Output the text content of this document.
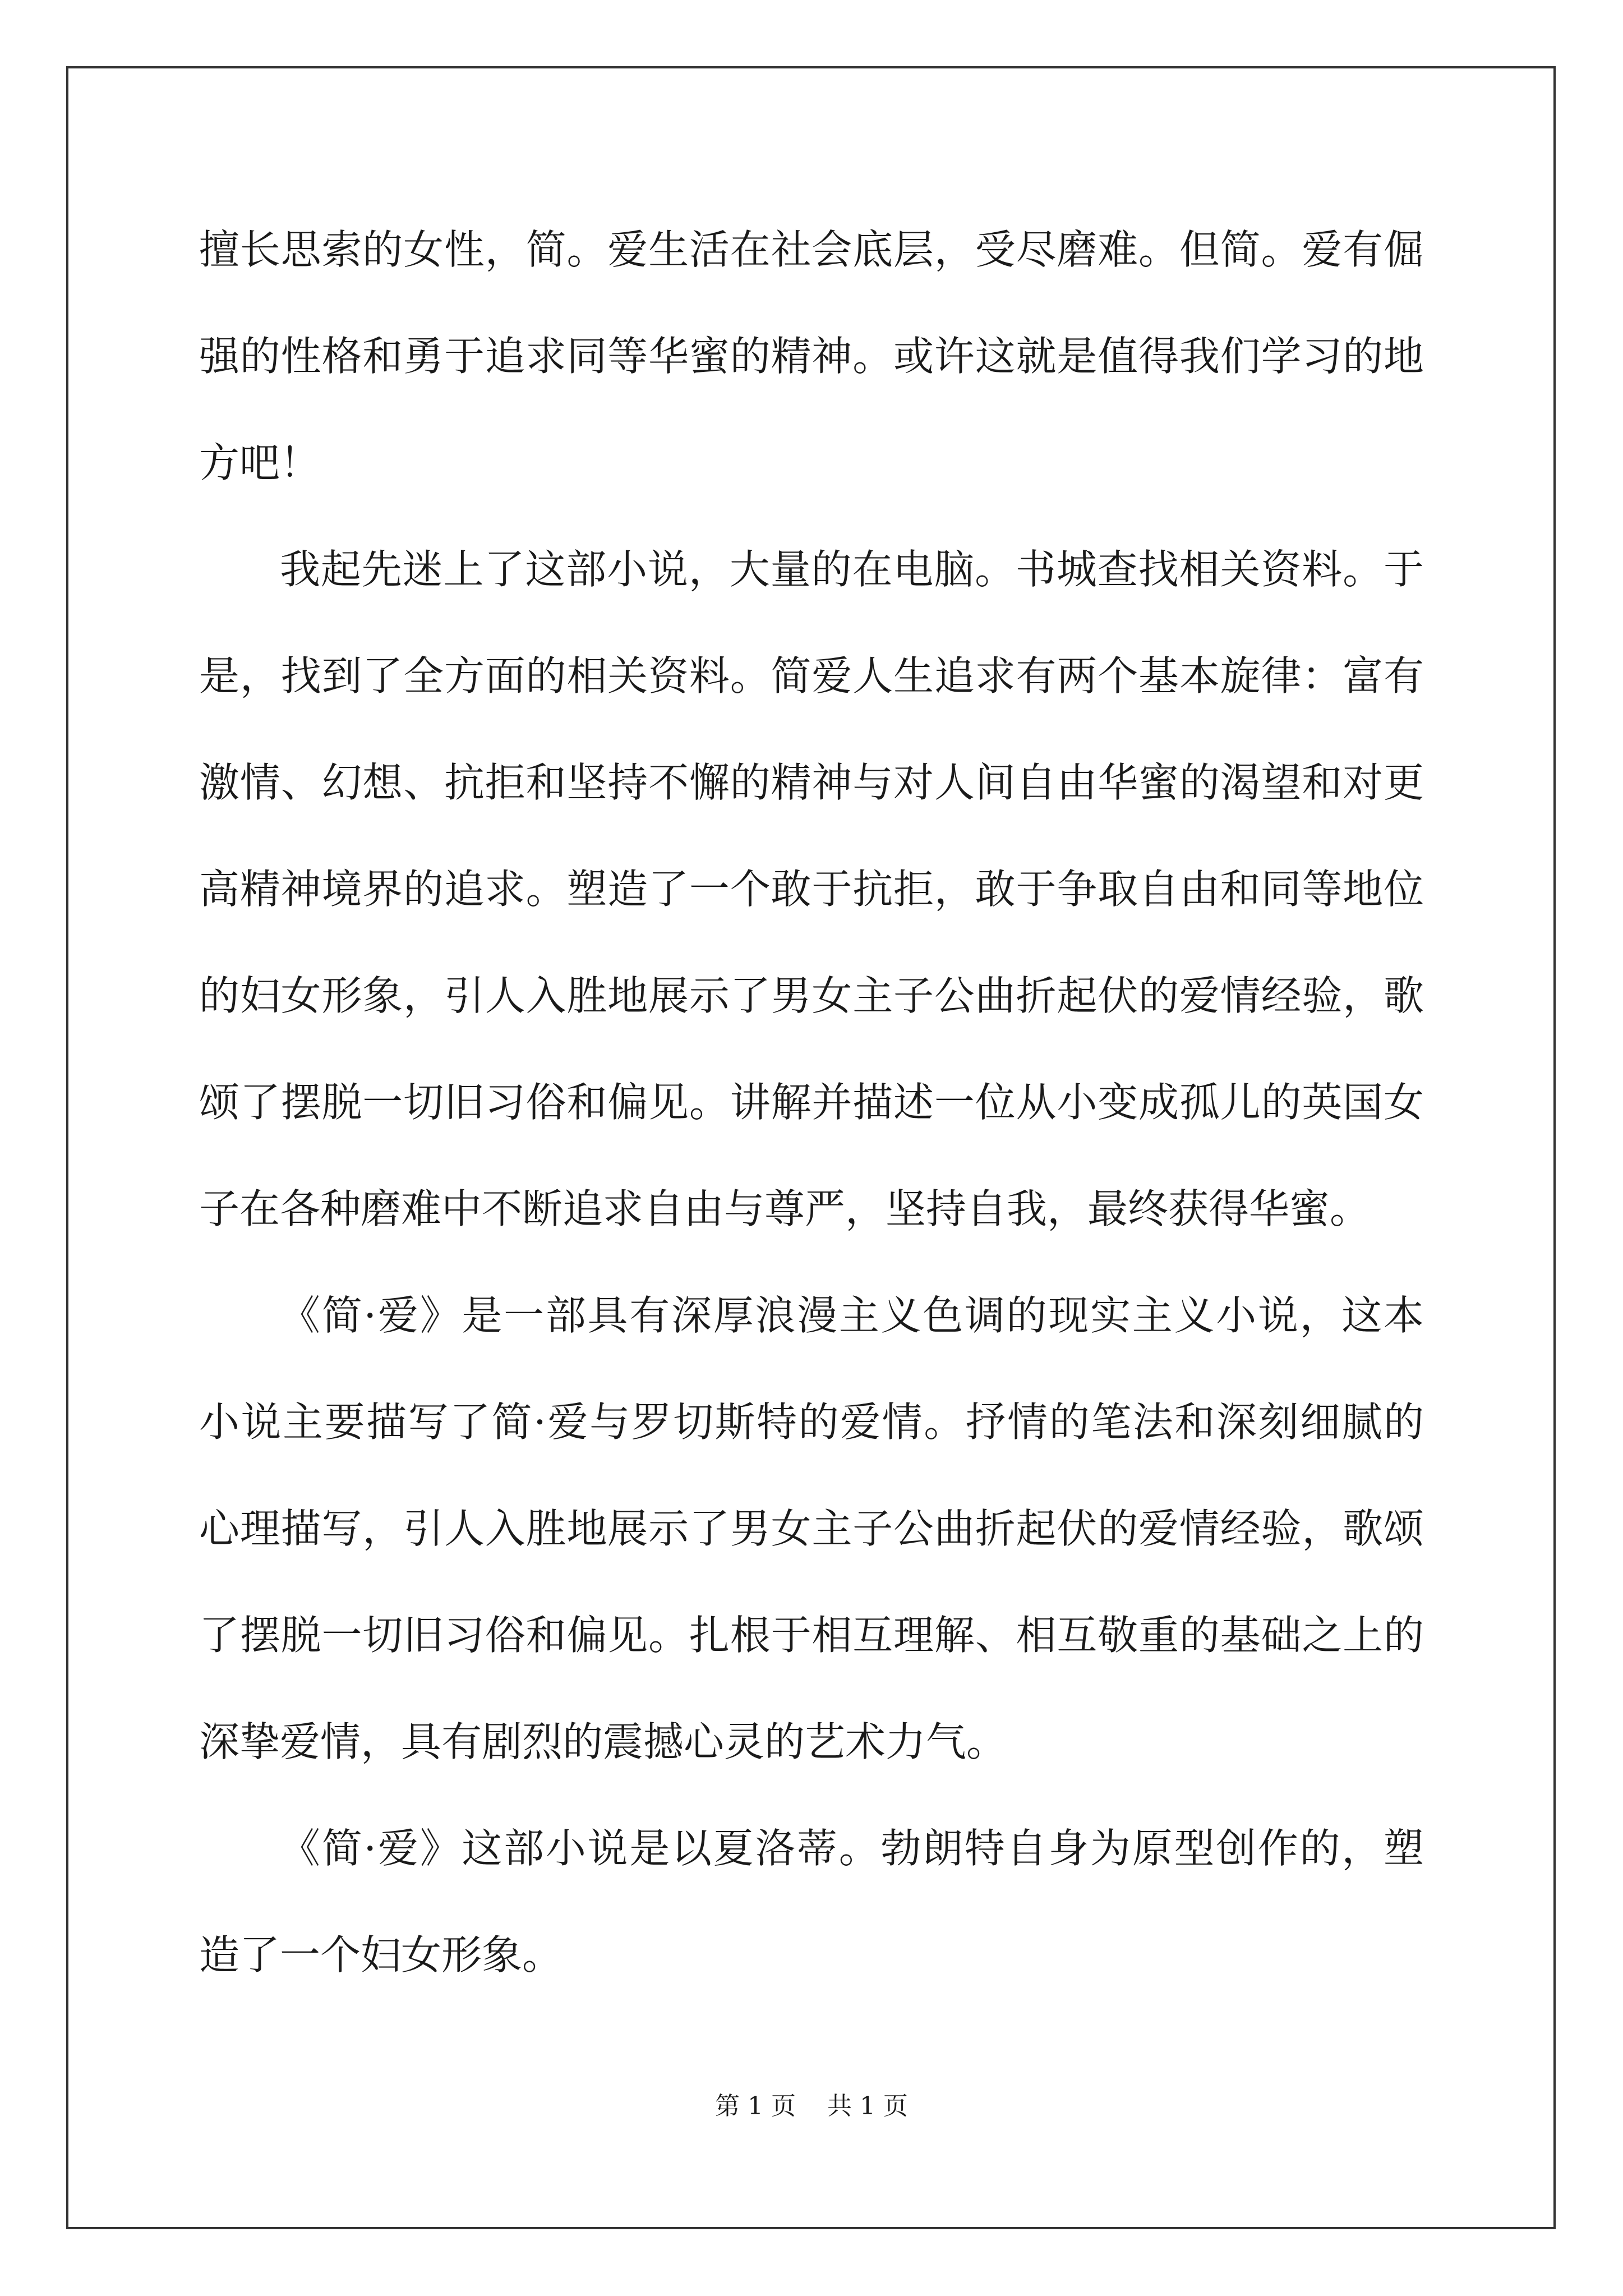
擅长思索的女性，简。爱生活在社会底层，受尽磨难。但简。爱有倔
强的性格和勇于追求同等华蜜的精神。或许这就是值得我们学习的地
方吧！
我起先迷上了这部小说，大量的在电脑。书城查找相关资料。于
是，找到了全方面的相关资料。简爱人生追求有两个基本旋律：富有
激情、幻想、抗拒和坚持不懈的精神与对人间自由华蜜的渴望和对更
高精神境界的追求。塑造了一个敢于抗拒，敢于争取自由和同等地位
的妇女形象，引人入胜地展示了男女主子公曲折起伏的爱情经验，歌
颂了摆脱一切旧习俗和偏见。讲解并描述一位从小变成孤儿的英国女
子在各种磨难中不断追求自由与尊严，坚持自我，最终获得华蜜。
《简·爱》是一部具有深厚浪漫主义色调的现实主义小说，这本
小说主要描写了简·爱与罗切斯特的爱情。抒情的笔法和深刻细腻的
心理描写，引人入胜地展示了男女主子公曲折起伏的爱情经验，歌颂
了摆脱一切旧习俗和偏见。扎根于相互理解、相互敬重的基础之上的
深挚爱情，具有剧烈的震撼心灵的艺术力气。
《简·爱》这部小说是以夏洛蒂。勃朗特自身为原型创作的，塑
造了一个妇女形象。
第 1 页 共 1 页
